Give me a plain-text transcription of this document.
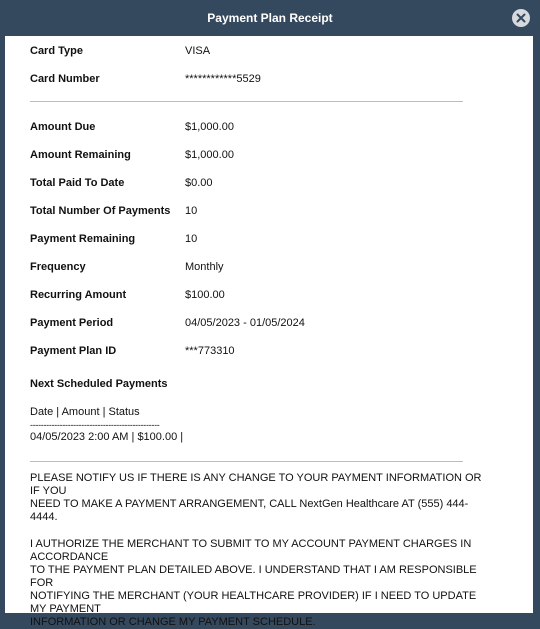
Payment Plan Receipt
Card Type	VISA
Card Number	************5529
Amount Due	$1,000.00
Amount Remaining	$1,000.00
Total Paid To Date	$0.00
Total Number Of Payments	10
Payment Remaining	10
Frequency	Monthly
Recurring Amount	$100.00
Payment Period	04/05/2023 - 01/05/2024
Payment Plan ID	***773310
Next Scheduled Payments
Date | Amount | Status
------------------------------------------------
04/05/2023 2:00 AM | $100.00 |
PLEASE NOTIFY US IF THERE IS ANY CHANGE TO YOUR PAYMENT INFORMATION OR IF YOU
NEED TO MAKE A PAYMENT ARRANGEMENT, CALL NextGen Healthcare AT (555) 444-4444.
I AUTHORIZE THE MERCHANT TO SUBMIT TO MY ACCOUNT PAYMENT CHARGES IN ACCORDANCE
TO THE PAYMENT PLAN DETAILED ABOVE. I UNDERSTAND THAT I AM RESPONSIBLE FOR
NOTIFYING THE MERCHANT (YOUR HEALTHCARE PROVIDER) IF I NEED TO UPDATE MY PAYMENT
INFORMATION OR CHANGE MY PAYMENT SCHEDULE.
